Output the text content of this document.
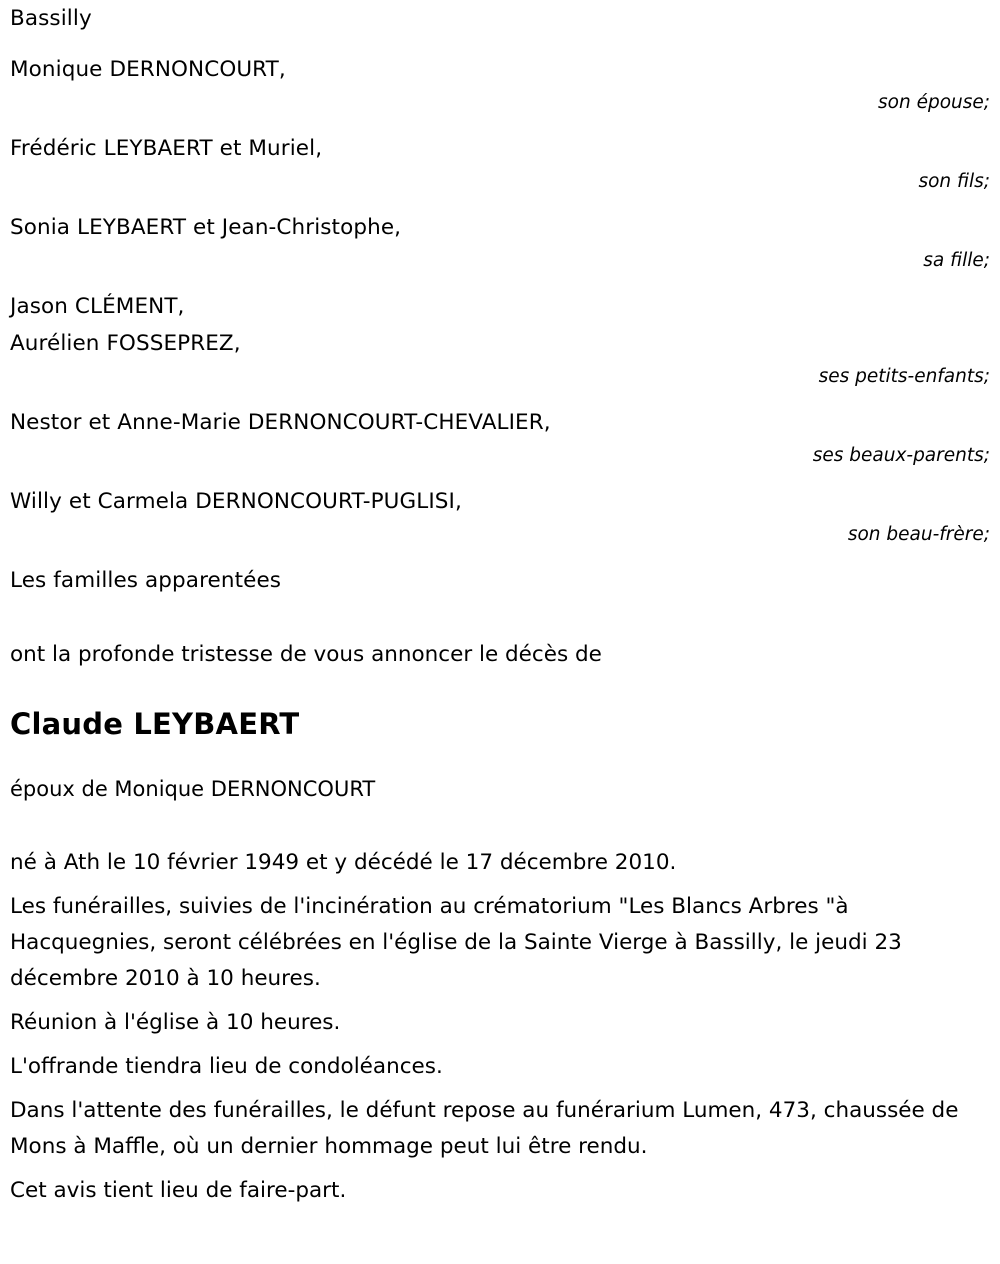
Bassilly
Monique DERNONCOURT,
son épouse;
Frédéric LEYBAERT et Muriel,
son fils;
Sonia LEYBAERT et Jean-Christophe,
sa fille;
Jason CLÉMENT,
Aurélien FOSSEPREZ,
ses petits-enfants;
Nestor et Anne-Marie DERNONCOURT-CHEVALIER,
ses beaux-parents;
Willy et Carmela DERNONCOURT-PUGLISI,
son beau-frère;
Les familles apparentées
ont la profonde tristesse de vous annoncer le décès de
Claude LEYBAERT
époux de Monique DERNONCOURT
né à Ath le 10 février 1949 et y décédé le 17 décembre 2010.
Les funérailles, suivies de l'incinération au crématorium "Les Blancs Arbres "à Hacquegnies, seront célébrées en l'église de la Sainte Vierge à Bassilly, le jeudi 23 décembre 2010 à 10 heures.
Réunion à l'église à 10 heures.
L'offrande tiendra lieu de condoléances.
Dans l'attente des funérailles, le défunt repose au funérarium Lumen, 473, chaussée de Mons à Maffle, où un dernier hommage peut lui être rendu.
Cet avis tient lieu de faire-part.
